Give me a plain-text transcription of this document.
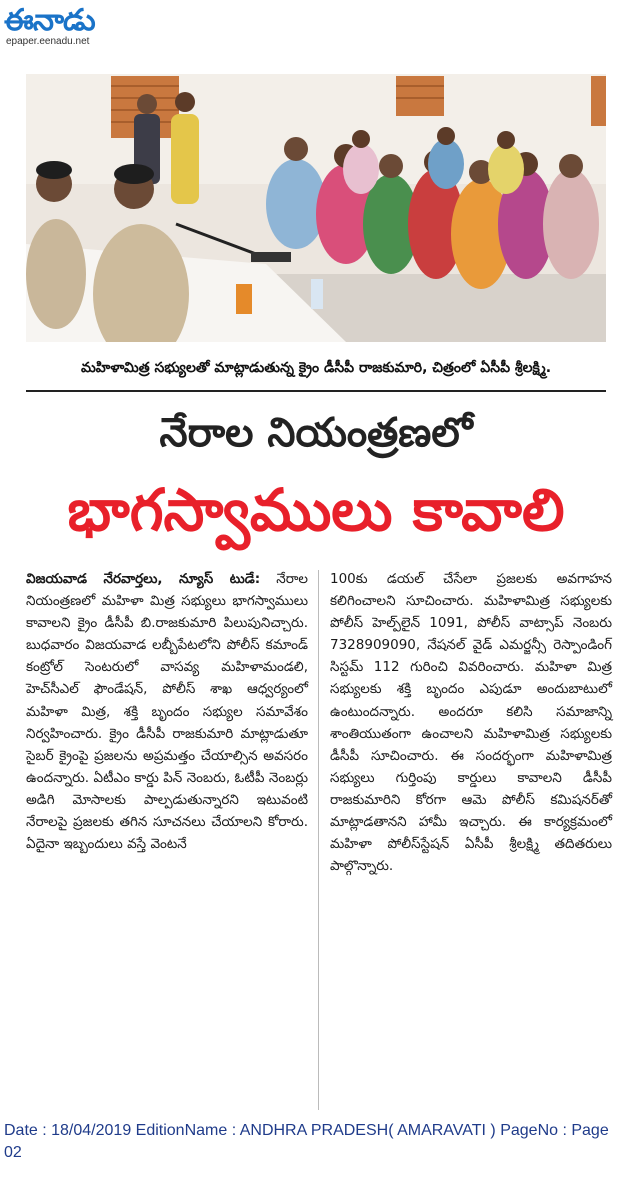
ఈనాడు
epaper.eenadu.net
మహిళామిత్ర సభ్యులతో మాట్లాడుతున్న క్రైం డీసీపీ రాజకుమారి, చిత్రంలో ఏసీపీ శ్రీలక్ష్మి.
నేరాల నియంత్రణలో
భాగస్వాములు కావాలి

విజయవాడ నేరవార్తలు, న్యూస్ టుడే: నేరాల నియంత్రణలో మహిళా మిత్ర సభ్యులు భాగస్వాములు కావాలని క్రైం డీసీపీ బి.రాజకుమారి పిలుపునిచ్చారు. బుధవారం విజయవాడ లబ్బీపేటలోని పోలీస్ కమాండ్ కంట్రోల్ సెంటరులో వాసవ్య మహిళామండలి, హెచ్‌సీఎల్ ఫౌండేషన్, పోలీస్ శాఖ ఆధ్వర్యంలో మహిళా మిత్ర, శక్తి బృందం సభ్యుల సమావేశం నిర్వహించారు. క్రైం డీసీపీ రాజకుమారి మాట్లాడుతూ సైబర్ క్రైంపై ప్రజలను అప్రమత్తం చేయాల్సిన అవసరం ఉందన్నారు. ఏటీఎం కార్డు పిన్ నెంబరు, ఓటీపీ నెంబర్లు అడిగి మోసాలకు పాల్పడుతున్నారని ఇటువంటి నేరాలపై ప్రజలకు తగిన సూచనలు చేయాలని కోరారు. ఏదైనా ఇబ్బందులు వస్తే వెంటనే

100కు డయల్ చేసేలా ప్రజలకు అవగాహన కలిగించాలని సూచించారు. మహిళామిత్ర సభ్యులకు పోలీస్ హెల్ప్‌లైన్ 1091, పోలీస్ వాట్సాప్ నెంబరు 7328909090, నేషనల్ వైడ్ ఎమర్జన్సీ రెస్పాండింగ్ సిస్టమ్ 112 గురించి వివరించారు. మహిళా మిత్ర సభ్యులకు శక్తి బృందం ఎపుడూ అందుబాటులో ఉంటుందన్నారు. అందరూ కలిసి సమాజాన్ని శాంతియుతంగా ఉంచాలని మహిళామిత్ర సభ్యులకు డీసీపీ సూచించారు. ఈ సందర్భంగా మహిళామిత్ర సభ్యులు గుర్తింపు కార్డులు కావాలని డీసీపీ రాజకుమారిని కోరగా ఆమె పోలీస్ కమిషనర్‌తో మాట్లాడతానని హామీ ఇచ్చారు. ఈ కార్యక్రమంలో మహిళా పోలీస్‌స్టేషన్ ఏసీపీ శ్రీలక్ష్మి తదితరులు పాల్గొన్నారు.

Date : 18/04/2019 EditionName : ANDHRA PRADESH( AMARAVATI ) PageNo : Page 02
